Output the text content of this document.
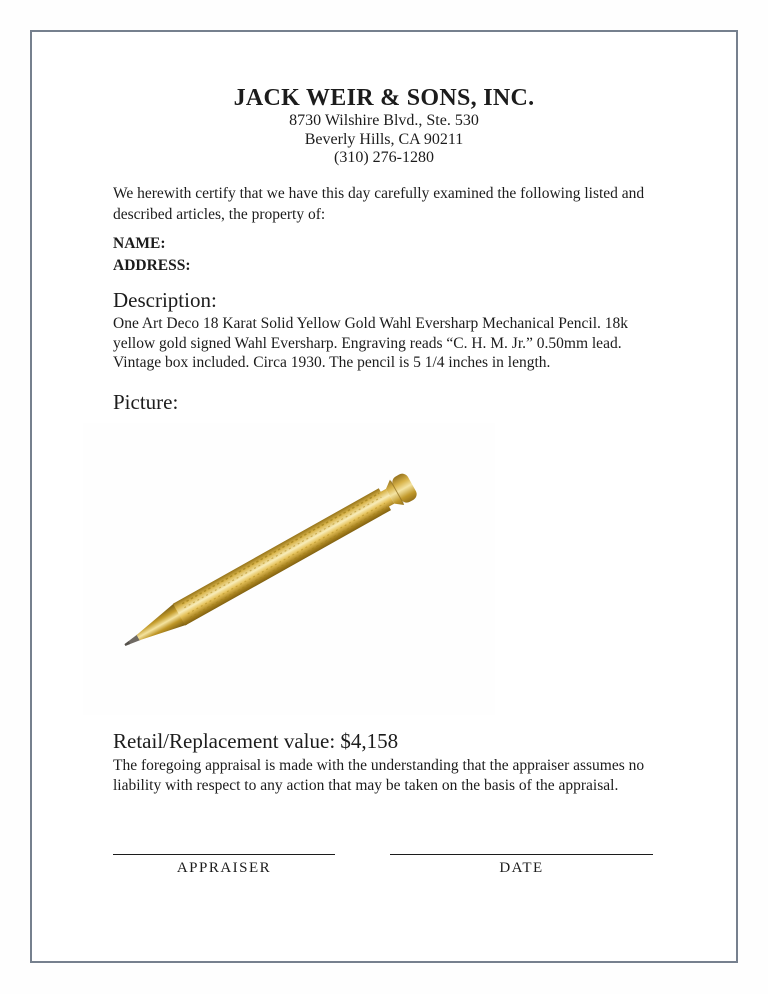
JACK WEIR & SONS, INC.
8730 Wilshire Blvd., Ste. 530
Beverly Hills, CA 90211
(310) 276-1280

We herewith certify that we have this day carefully examined the following listed and described articles, the property of:

NAME:
ADDRESS:
Description:

One Art Deco 18 Karat Solid Yellow Gold Wahl Eversharp Mechanical Pencil. 18k yellow gold signed Wahl Eversharp. Engraving reads “C. H. M. Jr.” 0.50mm lead. Vintage box included. Circa 1930. The pencil is 5 1/4 inches in length.

Picture:
Retail/Replacement value: $4,158

The foregoing appraisal is made with the understanding that the appraiser assumes no liability with respect to any action that may be taken on the basis of the appraisal.

APPRAISER	DATE
